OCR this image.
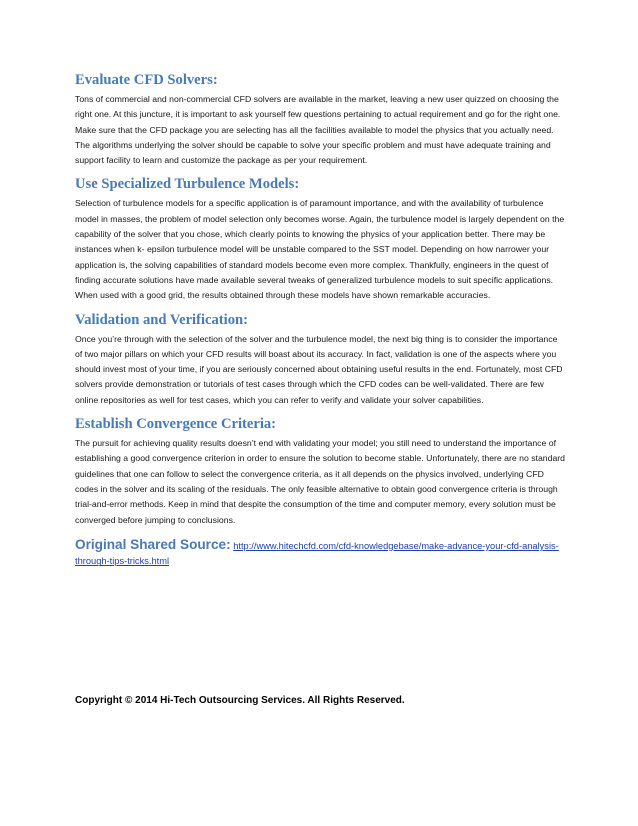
Evaluate CFD Solvers:

Tons of commercial and non-commercial CFD solvers are available in the market, leaving a new user quizzed on choosing the right one. At this juncture, it is important to ask yourself few questions pertaining to actual requirement and go for the right one. Make sure that the CFD package you are selecting has all the facilities available to model the physics that you actually need. The algorithms underlying the solver should be capable to solve your specific problem and must have adequate training and support facility to learn and customize the package as per your requirement.

Use Specialized Turbulence Models:

Selection of turbulence models for a specific application is of paramount importance, and with the availability of turbulence model in masses, the problem of model selection only becomes worse. Again, the turbulence model is largely dependent on the capability of the solver that you chose, which clearly points to knowing the physics of your application better. There may be instances when k- epsilon turbulence model will be unstable compared to the SST model. Depending on how narrower your application is, the solving capabilities of standard models become even more complex. Thankfully, engineers in the quest of finding accurate solutions have made available several tweaks of generalized turbulence models to suit specific applications. When used with a good grid, the results obtained through these models have shown remarkable accuracies.

Validation and Verification:

Once you’re through with the selection of the solver and the turbulence model, the next big thing is to consider the importance of two major pillars on which your CFD results will boast about its accuracy. In fact, validation is one of the aspects where you should invest most of your time, if you are seriously concerned about obtaining useful results in the end. Fortunately, most CFD solvers provide demonstration or tutorials of test cases through which the CFD codes can be well-validated. There are few online repositories as well for test cases, which you can refer to verify and validate your solver capabilities.

Establish Convergence Criteria:

The pursuit for achieving quality results doesn’t end with validating your model; you still need to understand the importance of establishing a good convergence criterion in order to ensure the solution to become stable. Unfortunately, there are no standard guidelines that one can follow to select the convergence criteria, as it all depends on the physics involved, underlying CFD codes in the solver and its scaling of the residuals. The only feasible alternative to obtain good convergence criteria is through trial-and-error methods. Keep in mind that despite the consumption of the time and computer memory, every solution must be converged before jumping to conclusions.

Original Shared Source: http://www.hitechcfd.com/cfd-knowledgebase/make-advance-your-cfd-analysis-through-tips-tricks.html
Copyright © 2014 Hi-Tech Outsourcing Services. All Rights Reserved.
